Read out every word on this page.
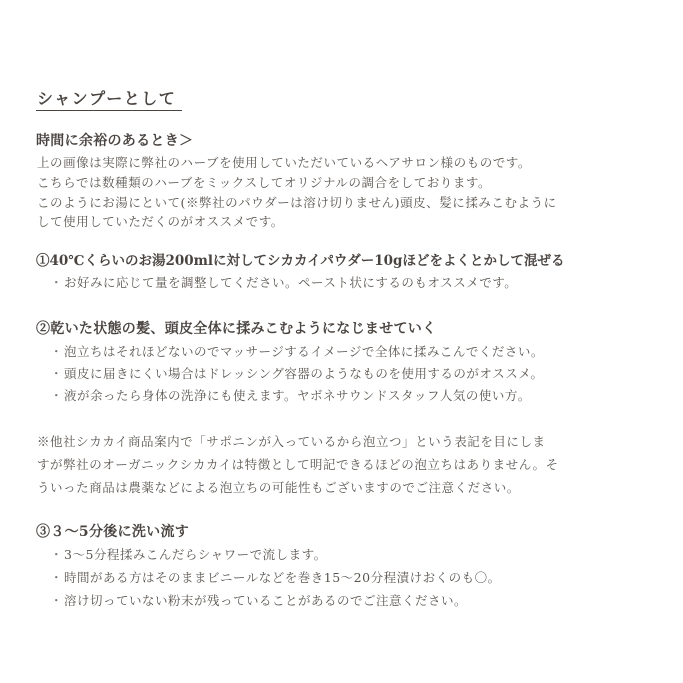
シャンプーとして
時間に余裕のあるとき＞
上の画像は実際に弊社のハーブを使用していただいているヘアサロン様のものです。
こちらでは数種類のハーブをミックスしてオリジナルの調合をしております。
このようにお湯にといて(※弊社のパウダーは溶け切りません)頭皮、髪に揉みこむように
して使用していただくのがオススメです。
①40℃くらいのお湯200mlに対してシカカイパウダー10gほどをよくとかして混ぜる
・お好みに応じて量を調整してください。ペースト状にするのもオススメです。
②乾いた状態の髪、頭皮全体に揉みこむようになじませていく
・泡立ちはそれほどないのでマッサージするイメージで全体に揉みこんでください。
・頭皮に届きにくい場合はドレッシング容器のようなものを使用するのがオススメ。
・液が余ったら身体の洗浄にも使えます。ヤボネサウンドスタッフ人気の使い方。
※他社シカカイ商品案内で「サポニンが入っているから泡立つ」という表記を目にしま
すが弊社のオーガニックシカカイは特徴として明記できるほどの泡立ちはありません。そ
ういった商品は農薬などによる泡立ちの可能性もございますのでご注意ください。
③３～5分後に洗い流す
・3～5分程揉みこんだらシャワーで流します。
・時間がある方はそのままビニールなどを巻き15～20分程漬けおくのも〇。
・溶け切っていない粉末が残っていることがあるのでご注意ください。
